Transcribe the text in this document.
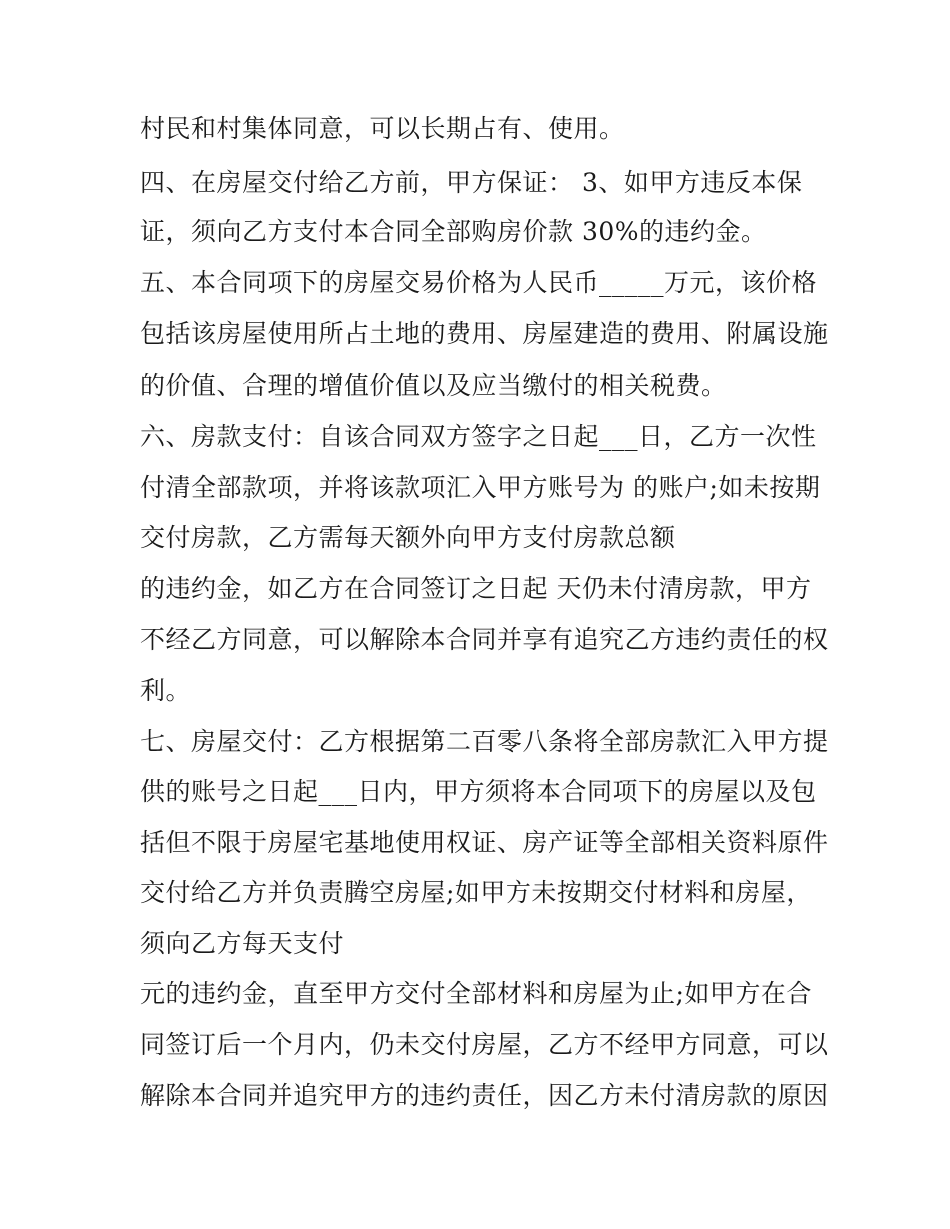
村民和村集体同意，可以长期占有、使用。
四、在房屋交付给乙方前，甲方保证： 3、如甲方违反本保
证，须向乙方支付本合同全部购房价款 30%的违约金。
五、本合同项下的房屋交易价格为人民币_____万元，该价格
包括该房屋使用所占土地的费用、房屋建造的费用、附属设施
的价值、合理的增值价值以及应当缴付的相关税费。
六、房款支付：自该合同双方签字之日起___日，乙方一次性
付清全部款项，并将该款项汇入甲方账号为 的账户;如未按期
交付房款，乙方需每天额外向甲方支付房款总额
的违约金，如乙方在合同签订之日起 天仍未付清房款，甲方
不经乙方同意，可以解除本合同并享有追究乙方违约责任的权
利。
七、房屋交付：乙方根据第二百零八条将全部房款汇入甲方提
供的账号之日起___日内，甲方须将本合同项下的房屋以及包
括但不限于房屋宅基地使用权证、房产证等全部相关资料原件
交付给乙方并负责腾空房屋;如甲方未按期交付材料和房屋，
须向乙方每天支付
元的违约金，直至甲方交付全部材料和房屋为止;如甲方在合
同签订后一个月内，仍未交付房屋，乙方不经甲方同意，可以
解除本合同并追究甲方的违约责任，因乙方未付清房款的原因
